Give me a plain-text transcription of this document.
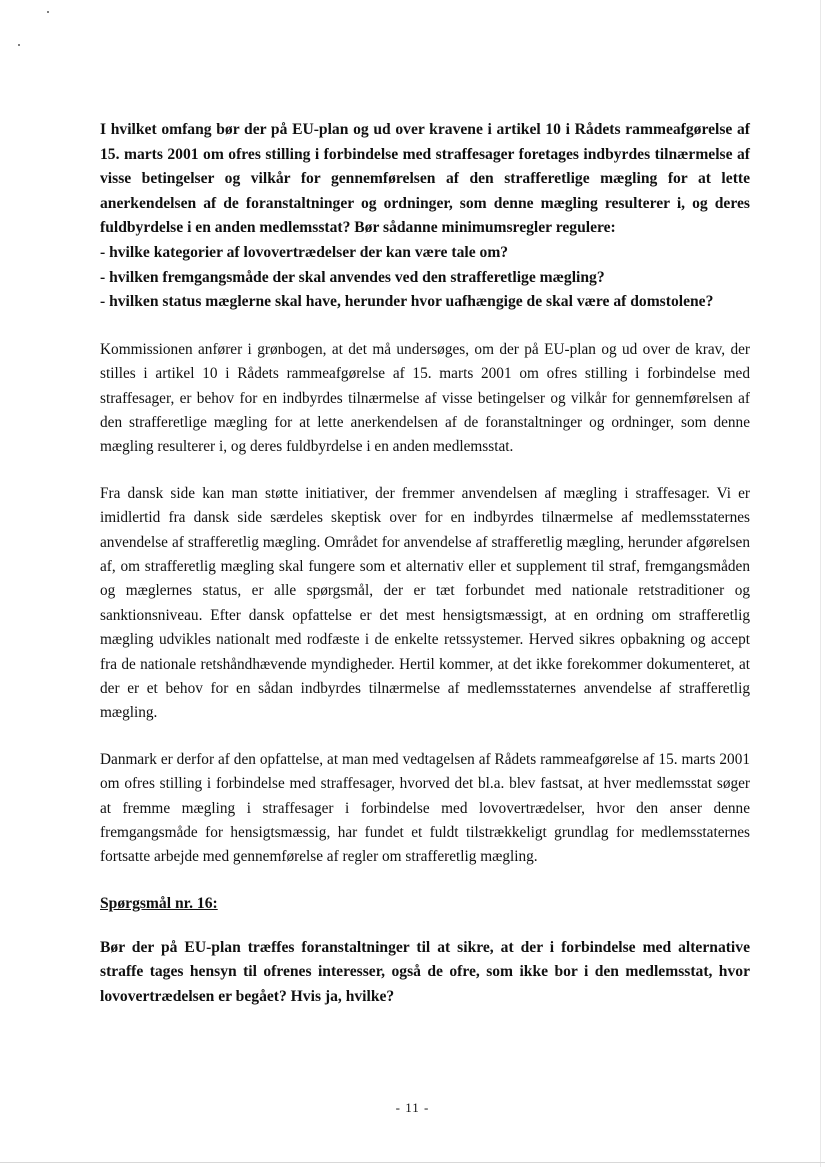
I hvilket omfang bør der på EU-plan og ud over kravene i artikel 10 i Rådets rammeafgørelse af 15. marts 2001 om ofres stilling i forbindelse med straffesager foretages indbyrdes tilnærmelse af visse betingelser og vilkår for gennemførelsen af den strafferetlige mægling for at lette anerkendelsen af de foranstaltninger og ordninger, som denne mægling resulterer i, og deres fuldbyrdelse i en anden medlemsstat? Bør sådanne minimumsregler regulere:

- hvilke kategorier af lovovertrædelser der kan være tale om?

- hvilken fremgangsmåde der skal anvendes ved den strafferetlige mægling?

- hvilken status mæglerne skal have, herunder hvor uafhængige de skal være af domstolene?

Kommissionen anfører i grønbogen, at det må undersøges, om der på EU-plan og ud over de krav, der stilles i artikel 10 i Rådets rammeafgørelse af 15. marts 2001 om ofres stilling i forbindelse med straffesager, er behov for en indbyrdes tilnærmelse af visse betingelser og vilkår for gennemførelsen af den strafferetlige mægling for at lette anerkendelsen af de foranstaltninger og ordninger, som denne mægling resulterer i, og deres fuldbyrdelse i en anden medlemsstat.

Fra dansk side kan man støtte initiativer, der fremmer anvendelsen af mægling i straffesager. Vi er imidlertid fra dansk side særdeles skeptisk over for en indbyrdes tilnærmelse af medlemsstaternes anvendelse af strafferetlig mægling. Området for anvendelse af strafferetlig mægling, herunder afgørelsen af, om strafferetlig mægling skal fungere som et alternativ eller et supplement til straf, fremgangsmåden og mæglernes status, er alle spørgsmål, der er tæt forbundet med nationale retstraditioner og sanktionsniveau. Efter dansk opfattelse er det mest hensigtsmæssigt, at en ordning om strafferetlig mægling udvikles nationalt med rodfæste i de enkelte retssystemer. Herved sikres opbakning og accept fra de nationale retshåndhævende myndigheder. Hertil kommer, at det ikke forekommer dokumenteret, at der er et behov for en sådan indbyrdes tilnærmelse af medlemsstaternes anvendelse af strafferetlig mægling.

Danmark er derfor af den opfattelse, at man med vedtagelsen af Rådets rammeafgørelse af 15. marts 2001 om ofres stilling i forbindelse med straffesager, hvorved det bl.a. blev fastsat, at hver medlemsstat søger at fremme mægling i straffesager i forbindelse med lovovertrædelser, hvor den anser denne fremgangsmåde for hensigtsmæssig, har fundet et fuldt tilstrækkeligt grundlag for medlemsstaternes fortsatte arbejde med gennemførelse af regler om strafferetlig mægling.

Spørgsmål nr. 16:

Bør der på EU-plan træffes foranstaltninger til at sikre, at der i forbindelse med alternative straffe tages hensyn til ofrenes interesser, også de ofre, som ikke bor i den medlemsstat, hvor lovovertrædelsen er begået? Hvis ja, hvilke?

- 11 -
